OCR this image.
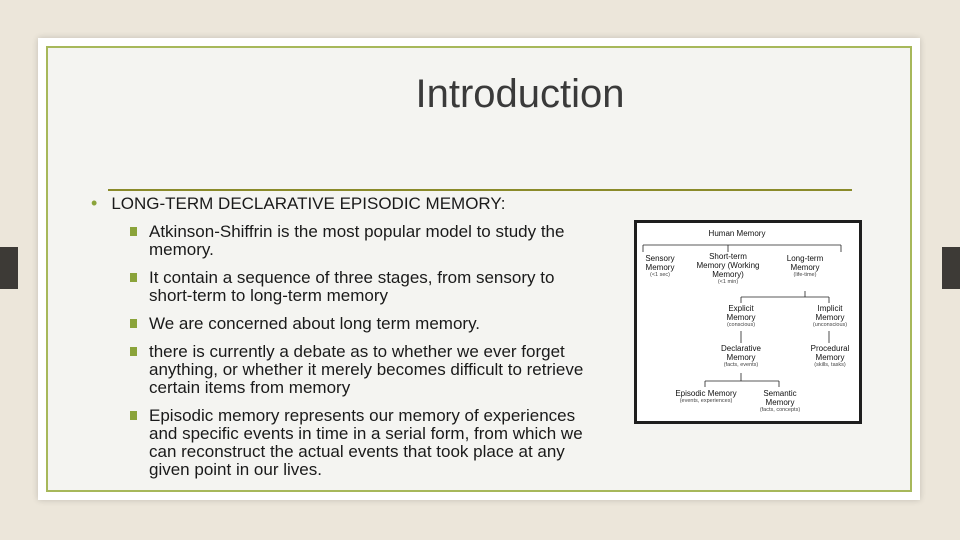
Introduction
• LONG-TERM DECLARATIVE EPISODIC MEMORY:
Atkinson-Shiffrin is the most popular model to study the memory.
It contain a sequence of three stages, from sensory to short-term to long-term memory
We are concerned about long term memory.
there is currently a debate as to whether we ever forget anything, or whether it merely becomes difficult to retrieve certain items from memory
Episodic memory represents our memory of experiences and specific events in time in a serial form, from which we can reconstruct the actual events that took place at any given point in our lives.
Human Memory
Sensory Memory
(<1 sec)
Short-term Memory (Working Memory)
(<1 min)
Long-term Memory
(life-time)
Explicit Memory
(conscious)
Implicit Memory
(unconscious)
Declarative Memory
(facts, events)
Procedural Memory
(skills, tasks)
Episodic Memory
(events, experiences)
Semantic Memory
(facts, concepts)
